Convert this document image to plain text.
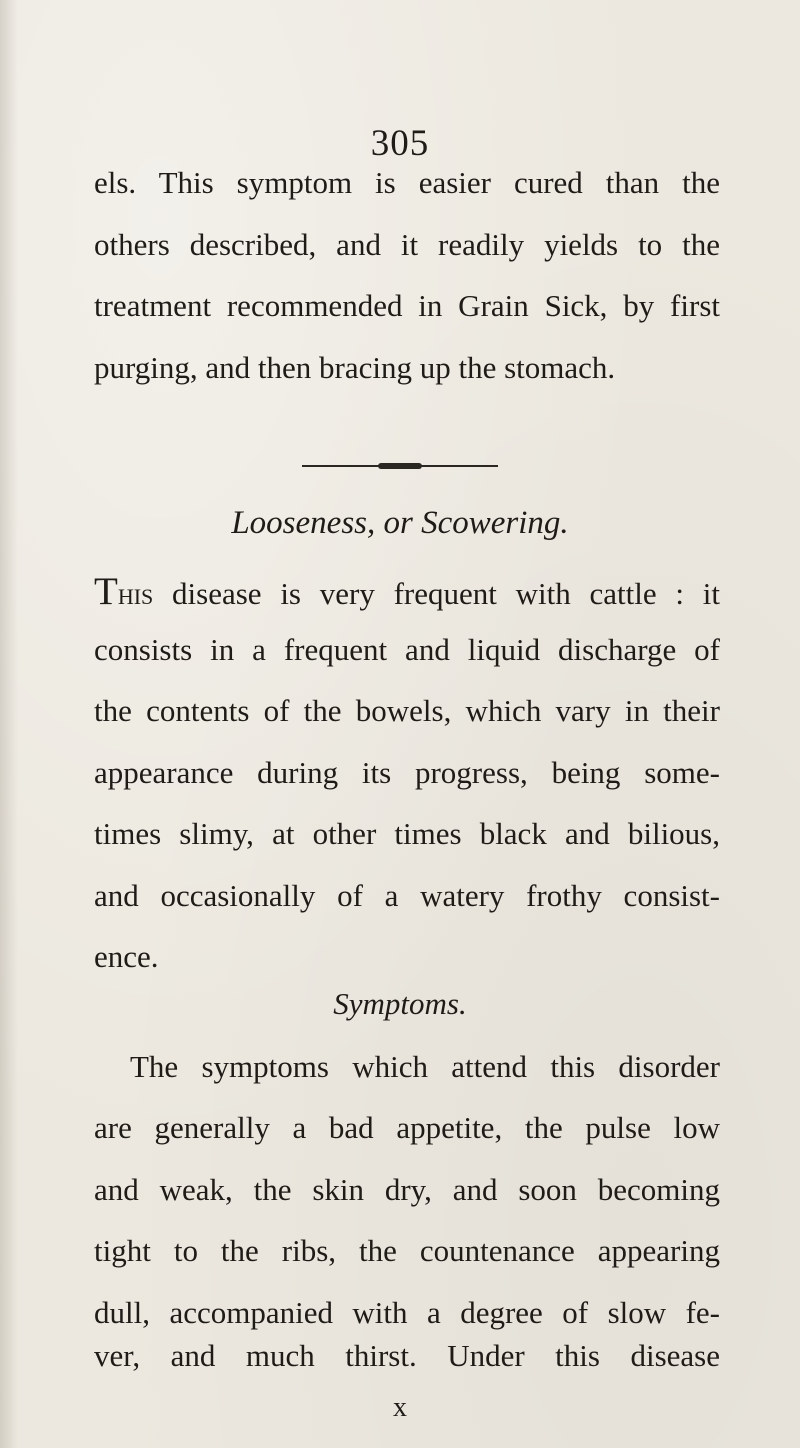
305
els. This symptom is easier cured than the
others described, and it readily yields to the
treatment recommended in Grain Sick, by first
purging, and then bracing up the stomach.
Looseness, or Scowering.
This disease is very frequent with cattle : it
consists in a frequent and liquid discharge of
the contents of the bowels, which vary in their
appearance during its progress, being some-
times slimy, at other times black and bilious,
and occasionally of a watery frothy consist-
ence.
Symptoms.
The symptoms which attend this disorder
are generally a bad appetite, the pulse low
and weak, the skin dry, and soon becoming
tight to the ribs, the countenance appearing
dull, accompanied with a degree of slow fe-
ver, and much thirst. Under this disease
x
